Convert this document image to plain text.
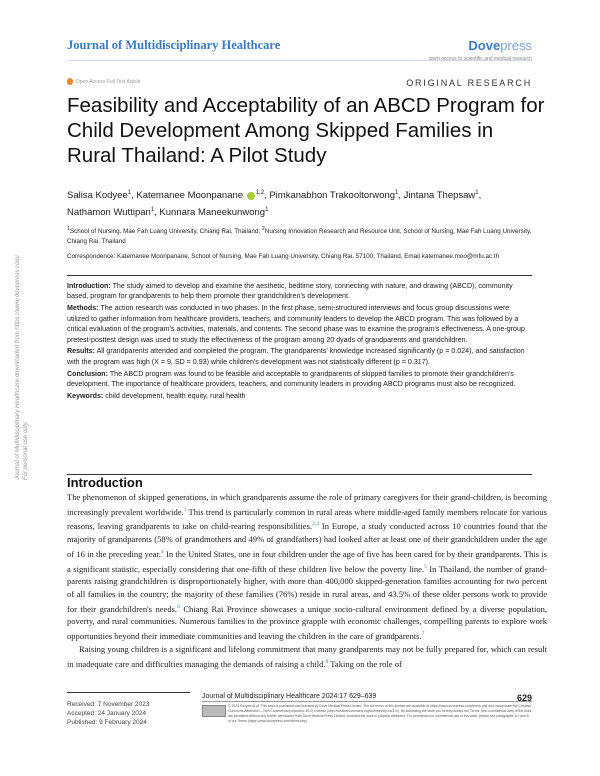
Journal of Multidisciplinary Healthcare	Dovepress
open access to scientific and medical research
Open Access Full Text Article	ORIGINAL RESEARCH
Feasibility and Acceptability of an ABCD Program for Child Development Among Skipped Families in Rural Thailand: A Pilot Study
Salisa Kodyee$^1$, Katemanee Moonpanane $^{1,2}$, Pimkanabhon Trakooltorwong$^1$, Jintana Thepsaw$^1$,
Nathamon Wuttipan$^1$, Kunnara Maneekunwong$^1$
$^1$School of Nursing, Mae Fah Luang University, Chiang Rai, Thailand; $^2$Nursing Innovation Research and Resource Unit, School of Nursing, Mae Fah Luang University, Chiang Rai, Thailand
Correspondence: Katemanee Moonpanane, School of Nursing, Mae Fah Luang University, Chiang Rai, 57100, Thailand, Email katemanee.moo@mfu.ac.th

Introduction: The study aimed to develop and examine the aesthetic, bedtime story, connecting with nature, and drawing (ABCD), community based, program for grandparents to help them promote their grandchildren's development.

Methods: The action research was conducted in two phases. In the first phase, semi-structured interviews and focus group discussions were utilized to gather information from healthcare providers, teachers, and community leaders to develop the ABCD program. This was followed by a critical evaluation of the program's activities, materials, and contents. The second phase was to examine the program's effectiveness. A one-group pretest-posttest design was used to study the effectiveness of the program among 20 dyads of grandparents and grandchildren.

Results: All grandparents attended and completed the program. The grandparents' knowledge increased significantly (p = 0.024), and satisfaction with the program was high (X = 9, SD = 0.93) while children's development was not statistically different (p = 0.317).

Conclusion: The ABCD program was found to be feasible and acceptable to grandparents of skipped families to promote their grandchildren's development. The importance of healthcare providers, teachers, and community leaders in providing ABCD programs must also be recognized.

Keywords: child development, health equity, rural health

Introduction

The phenomenon of skipped generations, in which grandparents assume the role of primary caregivers for their grand-children, is becoming increasingly prevalent worldwide.$^1$ This trend is particularly common in rural areas where middle-aged family members relocate for various reasons, leaving grandparents to take on child-rearing responsibilities.$^{2,3}$ In Europe, a study conducted across 10 countries found that the majority of grandparents (58% of grandmothers and 49% of grandfathers) had looked after at least one of their grandchildren under the age of 16 in the preceding year.$^4$ In the United States, one in four children under the age of five has been cared for by their grandparents. This is a significant statistic, especially considering that one-fifth of these children live below the poverty line.$^5$ In Thailand, the number of grand-parents raising grandchildren is disproportionately higher, with more than 400,000 skipped-generation families accounting for two percent of all families in the country; the majority of these families (76%) reside in rural areas, and 43.5% of these older persons work to provide for their grandchildren's needs.$^6$ Chiang Rai Province showcases a unique socio-cultural environment defined by a diverse population, poverty, and rural communities. Numerous families in the province grapple with economic challenges, compelling parents to explore work opportunities beyond their immediate communities and leaving the children in the care of grandparents.$^7$

Raising young children is a significant and lifelong commitment that many grandparents may not be fully prepared for, which can result in inadequate care and difficulties managing the demands of raising a child.$^8$ Taking on the role of

Journal of Multidisciplinary Healthcare downloaded from https://www.dovepress.com/ For personal use only.
Received: 7 November 2023
Accepted: 24 January 2024
Published: 9 February 2024
Journal of Multidisciplinary Healthcare 2024:17 629–639	629
© 2024 Kodyee et al. This work is published and licensed by Dove Medical Press Limited. The full terms of this license are available at https://www.dovepress.com/terms.php and incorporate the Creative Commons Attribution – Non Commercial (unported, v3.0) License (http://creativecommons.org/licenses/by-nc/3.0/). By accessing the work you hereby accept the Terms. Non-commercial uses of the work are permitted without any further permission from Dove Medical Press Limited, provided the work is properly attributed. For permission for commercial use of this work, please see paragraphs 4.2 and 5 of our Terms (https://www.dovepress.com/terms.php).
